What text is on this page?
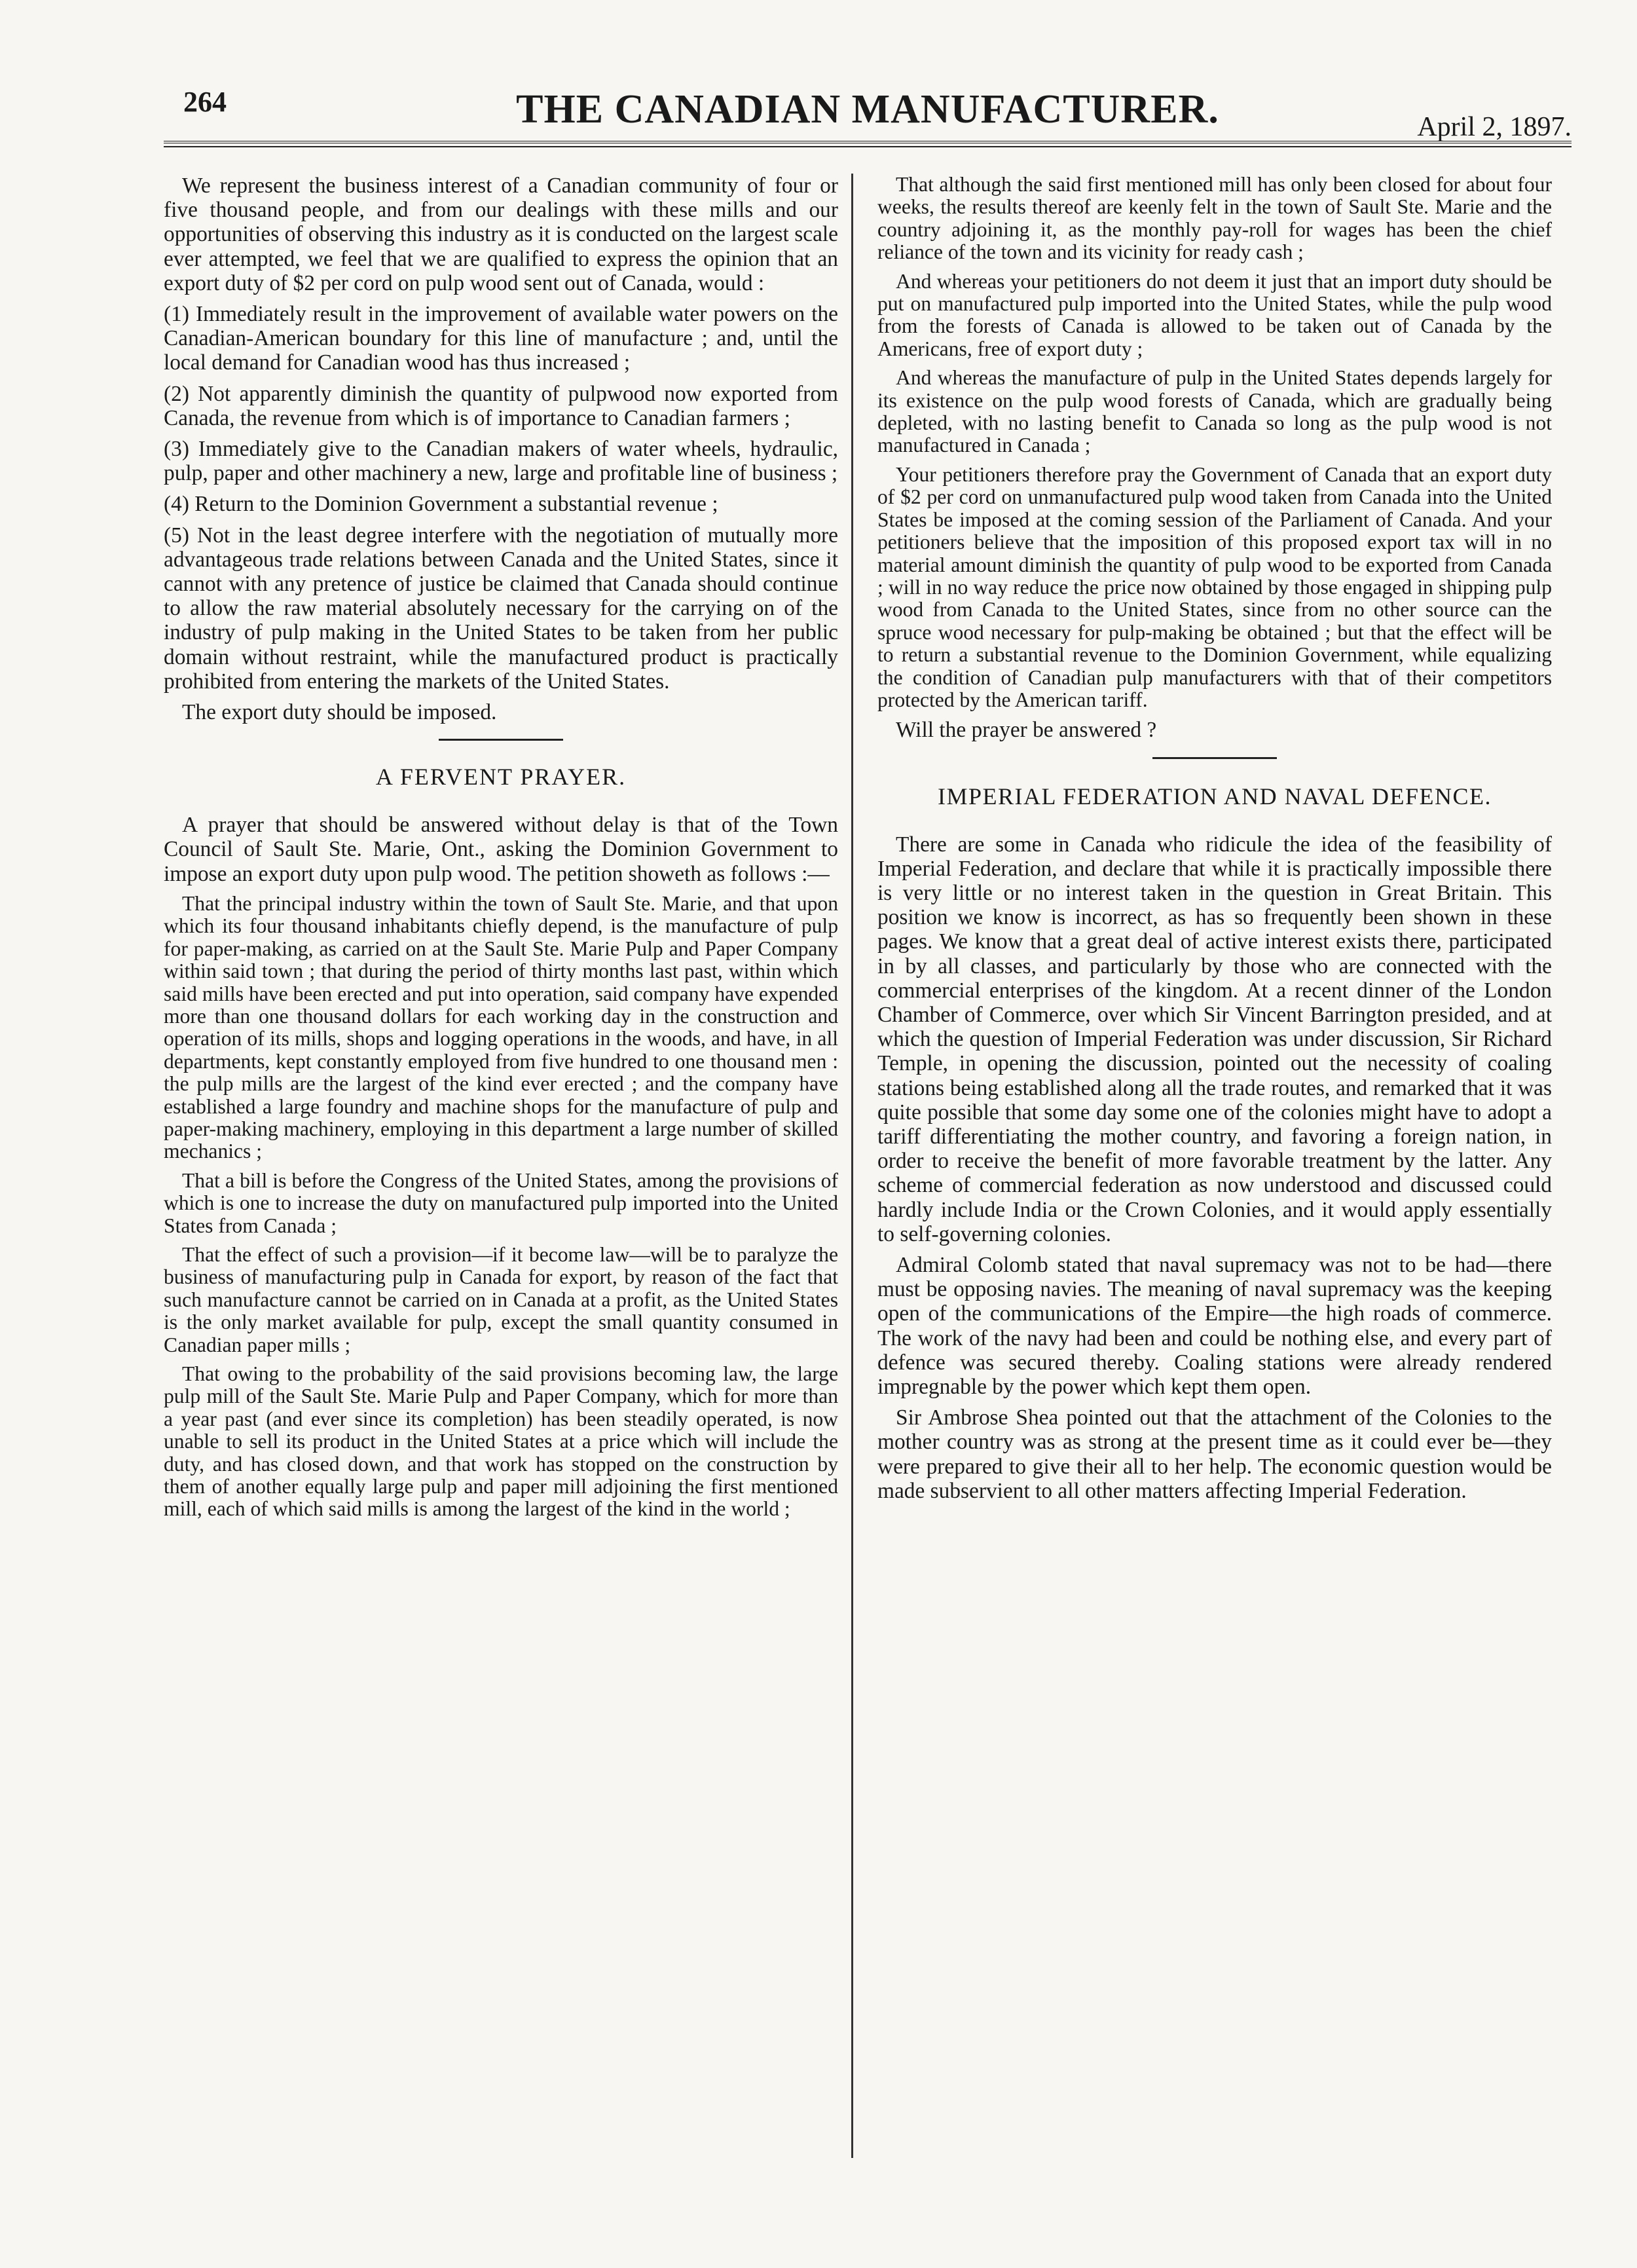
264	THE CANADIAN MANUFACTURER.	April 2, 1897.

We represent the business interest of a Canadian community of four or five thousand people, and from our dealings with these mills and our opportunities of observing this industry as it is conducted on the largest scale ever attempted, we feel that we are qualified to express the opinion that an export duty of $2 per cord on pulp wood sent out of Canada, would :

(1) Immediately result in the improvement of available water powers on the Canadian-American boundary for this line of manufacture ; and, until the local demand for Canadian wood has thus increased ;

(2) Not apparently diminish the quantity of pulpwood now exported from Canada, the revenue from which is of importance to Canadian farmers ;

(3) Immediately give to the Canadian makers of water wheels, hydraulic, pulp, paper and other machinery a new, large and profitable line of business ;

(4) Return to the Dominion Government a substantial revenue ;

(5) Not in the least degree interfere with the negotiation of mutually more advantageous trade relations between Canada and the United States, since it cannot with any pretence of justice be claimed that Canada should continue to allow the raw material absolutely necessary for the carrying on of the industry of pulp making in the United States to be taken from her public domain without restraint, while the manufactured product is practically prohibited from entering the markets of the United States.

The export duty should be imposed.

A FERVENT PRAYER.

A prayer that should be answered without delay is that of the Town Council of Sault Ste. Marie, Ont., asking the Dominion Government to impose an export duty upon pulp wood. The petition showeth as follows :—

That the principal industry within the town of Sault Ste. Marie, and that upon which its four thousand inhabitants chiefly depend, is the manufacture of pulp for paper-making, as carried on at the Sault Ste. Marie Pulp and Paper Company within said town ; that during the period of thirty months last past, within which said mills have been erected and put into operation, said company have expended more than one thousand dollars for each working day in the construction and operation of its mills, shops and logging operations in the woods, and have, in all departments, kept constantly employed from five hundred to one thousand men : the pulp mills are the largest of the kind ever erected ; and the company have established a large foundry and machine shops for the manufacture of pulp and paper-making machinery, employing in this department a large number of skilled mechanics ;

That a bill is before the Congress of the United States, among the provisions of which is one to increase the duty on manufactured pulp imported into the United States from Canada ;

That the effect of such a provision—if it become law—will be to paralyze the business of manufacturing pulp in Canada for export, by reason of the fact that such manufacture cannot be carried on in Canada at a profit, as the United States is the only market available for pulp, except the small quantity consumed in Canadian paper mills ;

That owing to the probability of the said provisions becoming law, the large pulp mill of the Sault Ste. Marie Pulp and Paper Company, which for more than a year past (and ever since its completion) has been steadily operated, is now unable to sell its product in the United States at a price which will include the duty, and has closed down, and that work has stopped on the construction by them of another equally large pulp and paper mill adjoining the first mentioned mill, each of which said mills is among the largest of the kind in the world ;

That although the said first mentioned mill has only been closed for about four weeks, the results thereof are keenly felt in the town of Sault Ste. Marie and the country adjoining it, as the monthly pay-roll for wages has been the chief reliance of the town and its vicinity for ready cash ;

And whereas your petitioners do not deem it just that an import duty should be put on manufactured pulp imported into the United States, while the pulp wood from the forests of Canada is allowed to be taken out of Canada by the Americans, free of export duty ;

And whereas the manufacture of pulp in the United States depends largely for its existence on the pulp wood forests of Canada, which are gradually being depleted, with no lasting benefit to Canada so long as the pulp wood is not manufactured in Canada ;

Your petitioners therefore pray the Government of Canada that an export duty of $2 per cord on unmanufactured pulp wood taken from Canada into the United States be imposed at the coming session of the Parliament of Canada. And your petitioners believe that the imposition of this proposed export tax will in no material amount diminish the quantity of pulp wood to be exported from Canada ; will in no way reduce the price now obtained by those engaged in shipping pulp wood from Canada to the United States, since from no other source can the spruce wood necessary for pulp-making be obtained ; but that the effect will be to return a substantial revenue to the Dominion Government, while equalizing the condition of Canadian pulp manufacturers with that of their competitors protected by the American tariff.

Will the prayer be answered ?

IMPERIAL FEDERATION AND NAVAL DEFENCE.

There are some in Canada who ridicule the idea of the feasibility of Imperial Federation, and declare that while it is practically impossible there is very little or no interest taken in the question in Great Britain. This position we know is incorrect, as has so frequently been shown in these pages. We know that a great deal of active interest exists there, participated in by all classes, and particularly by those who are connected with the commercial enterprises of the kingdom. At a recent dinner of the London Chamber of Commerce, over which Sir Vincent Barrington presided, and at which the question of Imperial Federation was under discussion, Sir Richard Temple, in opening the discussion, pointed out the necessity of coaling stations being established along all the trade routes, and remarked that it was quite possible that some day some one of the colonies might have to adopt a tariff differentiating the mother country, and favoring a foreign nation, in order to receive the benefit of more favorable treatment by the latter. Any scheme of commercial federation as now understood and discussed could hardly include India or the Crown Colonies, and it would apply essentially to self-governing colonies.

Admiral Colomb stated that naval supremacy was not to be had—there must be opposing navies. The meaning of naval supremacy was the keeping open of the communications of the Empire—the high roads of commerce. The work of the navy had been and could be nothing else, and every part of defence was secured thereby. Coaling stations were already rendered impregnable by the power which kept them open.

Sir Ambrose Shea pointed out that the attachment of the Colonies to the mother country was as strong at the present time as it could ever be—they were prepared to give their all to her help. The economic question would be made subservient to all other matters affecting Imperial Federation.
